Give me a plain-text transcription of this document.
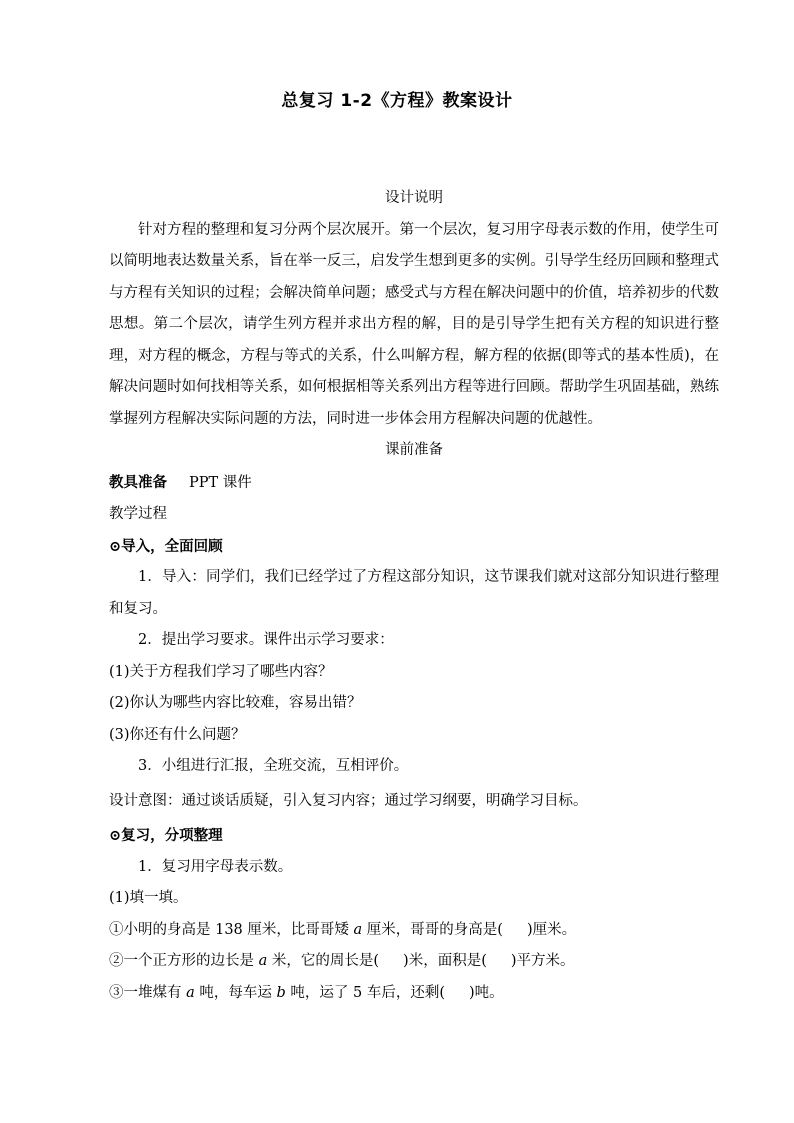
总复习 1-2《方程》教案设计

设计说明

针对方程的整理和复习分两个层次展开。第一个层次，复习用字母表示数的作用，使学生可以简明地表达数量关系，旨在举一反三，启发学生想到更多的实例。引导学生经历回顾和整理式与方程有关知识的过程；会解决简单问题；感受式与方程在解决问题中的价值，培养初步的代数思想。第二个层次，请学生列方程并求出方程的解，目的是引导学生把有关方程的知识进行整理，对方程的概念，方程与等式的关系，什么叫解方程，解方程的依据(即等式的基本性质)，在解决问题时如何找相等关系，如何根据相等关系列出方程等进行回顾。帮助学生巩固基础，熟练掌握列方程解决实际问题的方法，同时进一步体会用方程解决问题的优越性。

课前准备

教具准备 PPT 课件

教学过程

⊙导入，全面回顾

1．导入：同学们，我们已经学过了方程这部分知识，这节课我们就对这部分知识进行整理和复习。

2．提出学习要求。课件出示学习要求：

(1)关于方程我们学习了哪些内容？

(2)你认为哪些内容比较难，容易出错？

(3)你还有什么问题？

3．小组进行汇报，全班交流，互相评价。

设计意图：通过谈话质疑，引入复习内容；通过学习纲要，明确学习目标。

⊙复习，分项整理

1．复习用字母表示数。

(1)填一填。

①小明的身高是 138 厘米，比哥哥矮 a 厘米，哥哥的身高是( )厘米。

②一个正方形的边长是 a 米，它的周长是( )米，面积是( )平方米。

③一堆煤有 a 吨，每车运 b 吨，运了 5 车后，还剩( )吨。
